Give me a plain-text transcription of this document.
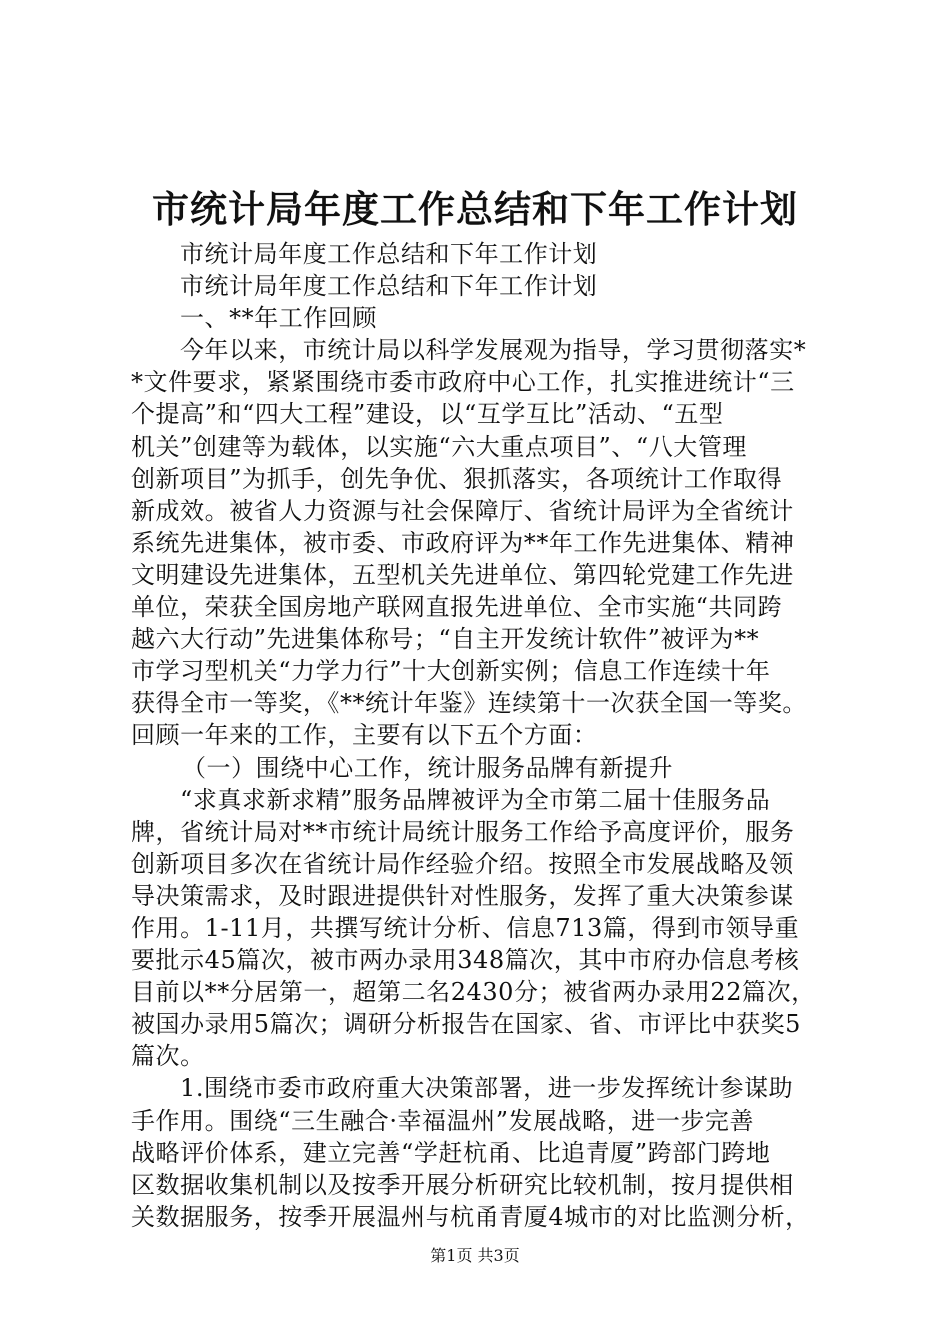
市统计局年度工作总结和下年工作计划
市统计局年度工作总结和下年工作计划
市统计局年度工作总结和下年工作计划
一、**年工作回顾
今年以来，市统计局以科学发展观为指导，学习贯彻落实*
*文件要求，紧紧围绕市委市政府中心工作，扎实推进统计“三
个提高”和“四大工程”建设，以“互学互比”活动、“五型
机关”创建等为载体，以实施“六大重点项目”、“八大管理
创新项目”为抓手，创先争优、狠抓落实，各项统计工作取得
新成效。被省人力资源与社会保障厅、省统计局评为全省统计
系统先进集体，被市委、市政府评为**年工作先进集体、精神
文明建设先进集体，五型机关先进单位、第四轮党建工作先进
单位，荣获全国房地产联网直报先进单位、全市实施“共同跨
越六大行动”先进集体称号；“自主开发统计软件”被评为**
市学习型机关“力学力行”十大创新实例；信息工作连续十年
获得全市一等奖，《**统计年鉴》连续第十一次获全国一等奖。
回顾一年来的工作，主要有以下五个方面：
（一）围绕中心工作，统计服务品牌有新提升
“求真求新求精”服务品牌被评为全市第二届十佳服务品
牌，省统计局对**市统计局统计服务工作给予高度评价，服务
创新项目多次在省统计局作经验介绍。按照全市发展战略及领
导决策需求，及时跟进提供针对性服务，发挥了重大决策参谋
作用。1-11月，共撰写统计分析、信息713篇，得到市领导重
要批示45篇次，被市两办录用348篇次，其中市府办信息考核
目前以**分居第一，超第二名2430分；被省两办录用22篇次，
被国办录用5篇次；调研分析报告在国家、省、市评比中获奖5
篇次。
1.围绕市委市政府重大决策部署，进一步发挥统计参谋助
手作用。围绕“三生融合·幸福温州”发展战略，进一步完善
战略评价体系，建立完善“学赶杭甬、比追青厦”跨部门跨地
区数据收集机制以及按季开展分析研究比较机制，按月提供相
关数据服务，按季开展温州与杭甬青厦4城市的对比监测分析，
第1页 共3页
